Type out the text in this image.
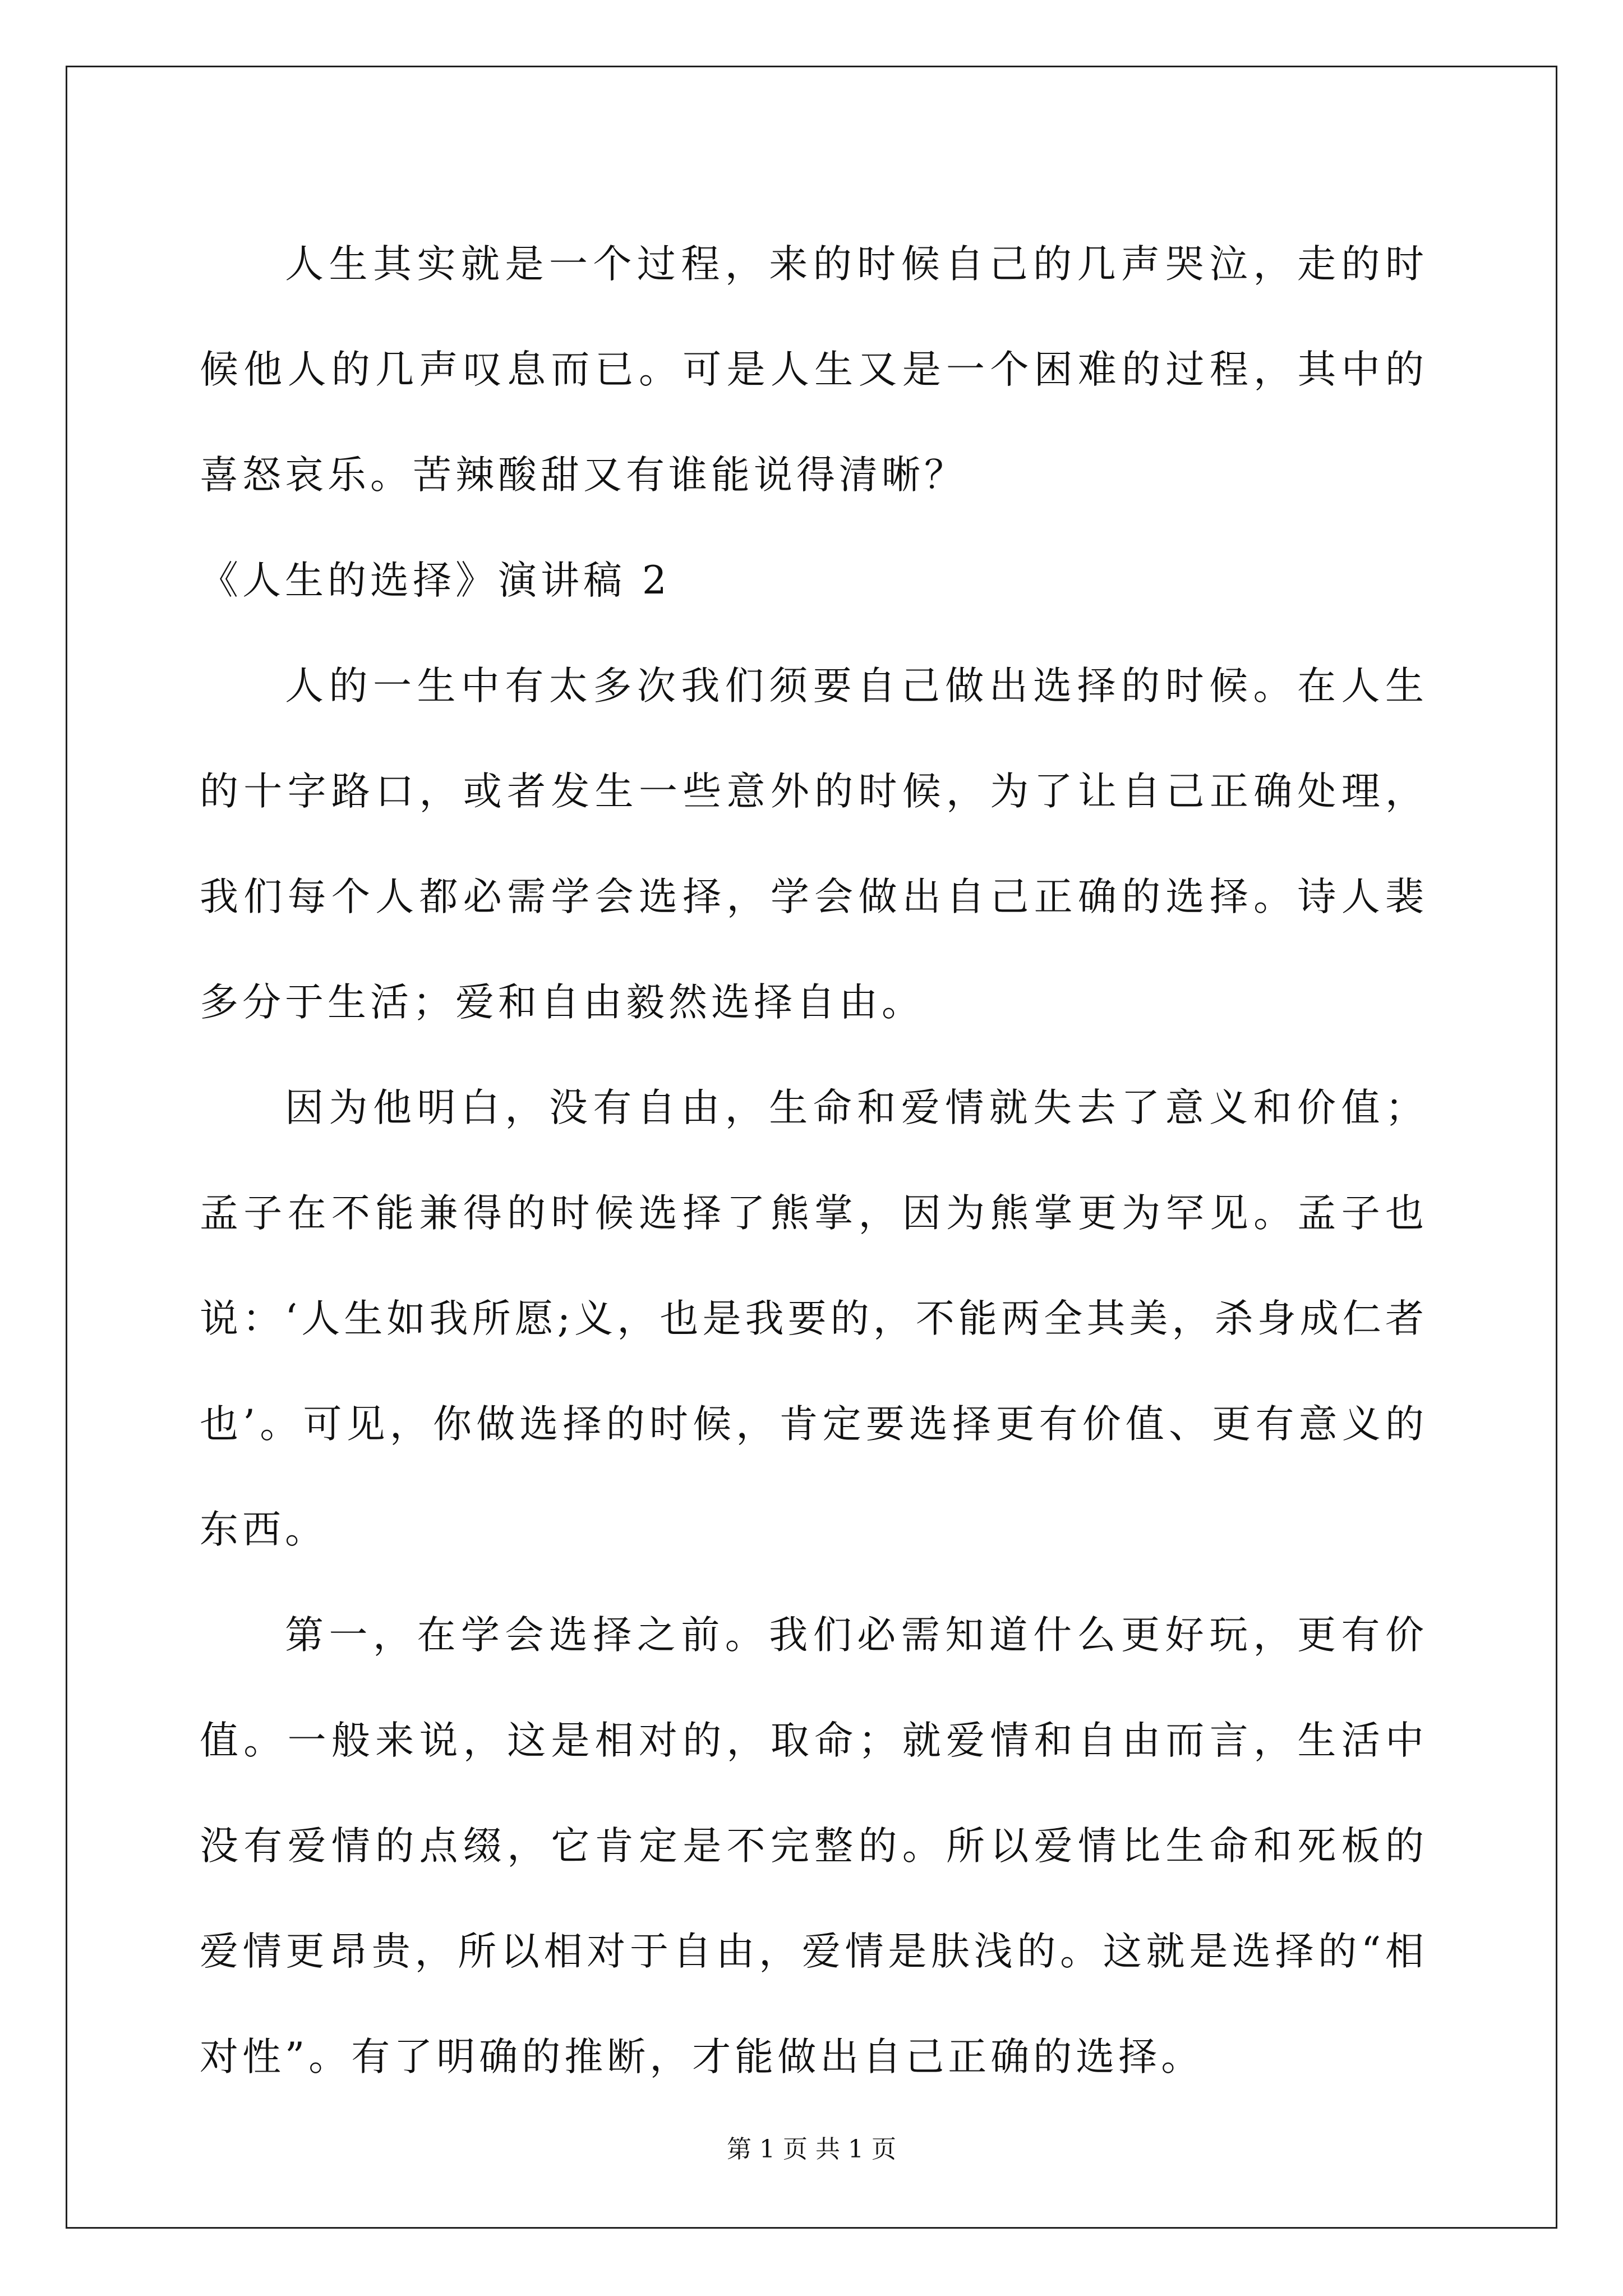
人生其实就是一个过程，来的时候自己的几声哭泣，走的时候他人的几声叹息而已。可是人生又是一个困难的过程，其中的喜怒哀乐。苦辣酸甜又有谁能说得清晰？

《人生的选择》演讲稿 2

人的一生中有太多次我们须要自己做出选择的时候。在人生的十字路口，或者发生一些意外的时候，为了让自己正确处理，我们每个人都必需学会选择，学会做出自己正确的选择。诗人裴多分于生活；爱和自由毅然选择自由。

因为他明白，没有自由，生命和爱情就失去了意义和价值；孟子在不能兼得的时候选择了熊掌，因为熊掌更为罕见。孟子也说：‘人生如我所愿;义，也是我要的，不能两全其美，杀身成仁者也’。可见，你做选择的时候，肯定要选择更有价值、更有意义的东西。

第一，在学会选择之前。我们必需知道什么更好玩，更有价值。一般来说，这是相对的，取命；就爱情和自由而言，生活中没有爱情的点缀，它肯定是不完整的。所以爱情比生命和死板的爱情更昂贵，所以相对于自由，爱情是肤浅的。这就是选择的“相对性”。有了明确的推断，才能做出自己正确的选择。

第 1 页 共 1 页
